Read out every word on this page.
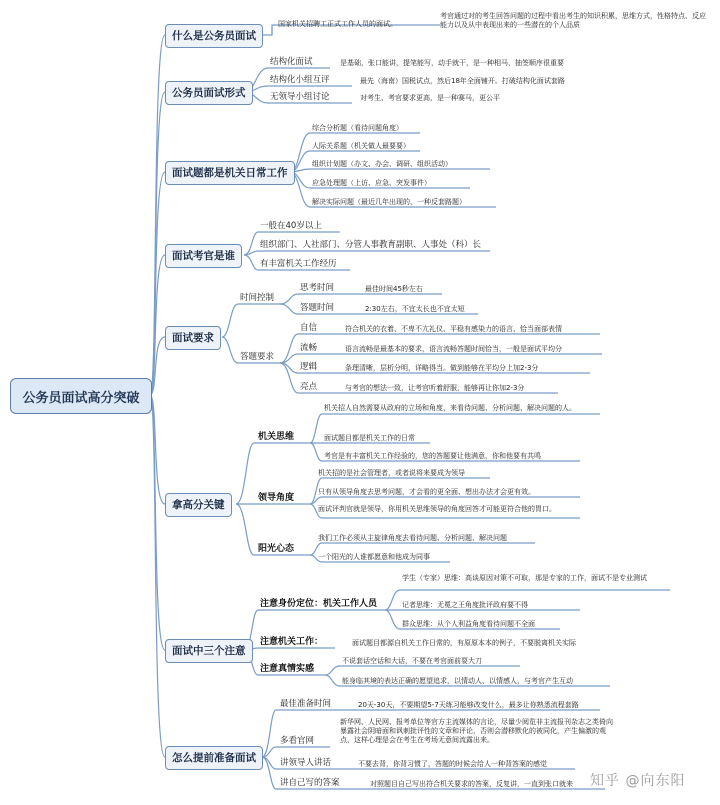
公务员面试高分突破
什么是公务员面试
国家机关招聘工正式工作人员的面试。
考官通过对的考生回答问题的过程中看出考生的知识积累，思维方式，性格特点、反应能力以及从中表现出来的一些潜在的个人品质
公务员面试形式
结构化面试	是基础，张口能讲，提笔能写，动手就干，是一种相马，抽签顺序很重要
结构化小组互评	最先（海南）国税试点，然后18年全面铺开。打破结构化面试套路
无领导小组讨论	对考生、考官要求更高，是一种赛马，更公平
面试题都是机关日常工作
综合分析题（看待问题角度）
人际关系题（机关做人最要要）
组织计划题（办文、办会、调研、组织活动）
应急处理题（上访、应急、突发事件）
解决实际问题（最近几年出现的，一种反套路题）
面试考官是谁
一般在40岁以上
组织部门、人社部门、分管人事教育副职、人事处（科）长
有丰富机关工作经历
面试要求
时间控制
思考时间	最佳时间45秒左右
答题时间	2:30左右，不宜太长也不宜太短
答题要求
自信	符合机关的衣着、不卑不亢礼仪、平稳有感染力的语言、恰当面部表情
流畅	语言流畅是最基本的要求，语言流畅答题时间恰当，一般是面试平均分
逻辑	条理清晰，层析分明，详略得当。做到能够在平均分上加2-3分
亮点	与考官的想法一致，让考官听着舒服，能够再让你加2-3分
拿高分关键
机关思维
机关招人自然需要从政府的立场和角度，来看待问题、分析问题、解决问题的人。
面试题目都是机关工作的日常
考官是有丰富机关工作经验的，您的答题要让他满意，你和他要有共鸣
领导角度
机关招的是社会管理者，或者说将来要成为领导
只有从领导角度去思考问题，才会看的更全面、想出办法才会更有效。
面试评判官就是领导，你用机关思维领导的角度回答才可能更符合他的胃口。
阳光心态
我们工作必须从主旋律角度去看待问题、分析问题、解决问题
一个阳光的人谁都愿意和他成为同事
面试中三个注意
注意身份定位：机关工作人员
学生（专家）思维：高谈原因对策不可取，那是专家的工作，面试不是专业测试
记者思维：无冕之王角度批评政府要不得
群众思维：从个人利益角度看待问题不全面
注意机关工作：	面试题目都源自机关工作日常的，有原原本本的例子，不要脱离机关实际
注意真情实感
不说套话空话和大话，不要在考官面前耍大刀
能身临其境的表达正确的愿望追求，以情动人、以情感人，与考官产生互动
怎么提前准备面试
最佳准备时间	20天-30天，不要期望5-7天练习能够改变什么，最多让你熟悉流程套路
多看官网
新华网、人民网、报考单位等官方主流媒体的言论，尽量少阅览非主流报刊杂志之类倚向暴露社会阴暗面和讽刺批评性的文章和评论，否则会潜移默化的被同化，产生偏激的观点，这样心理是会在考生在考场无意间流露出来。
讲领导人讲话	不要去背，你背习惯了，答题的时候会给人一种背答案的感觉
讲自己写的答案	对照题目自己写出符合机关要求的答案，反复讲，一直到张口就来 知乎 @向东阳
